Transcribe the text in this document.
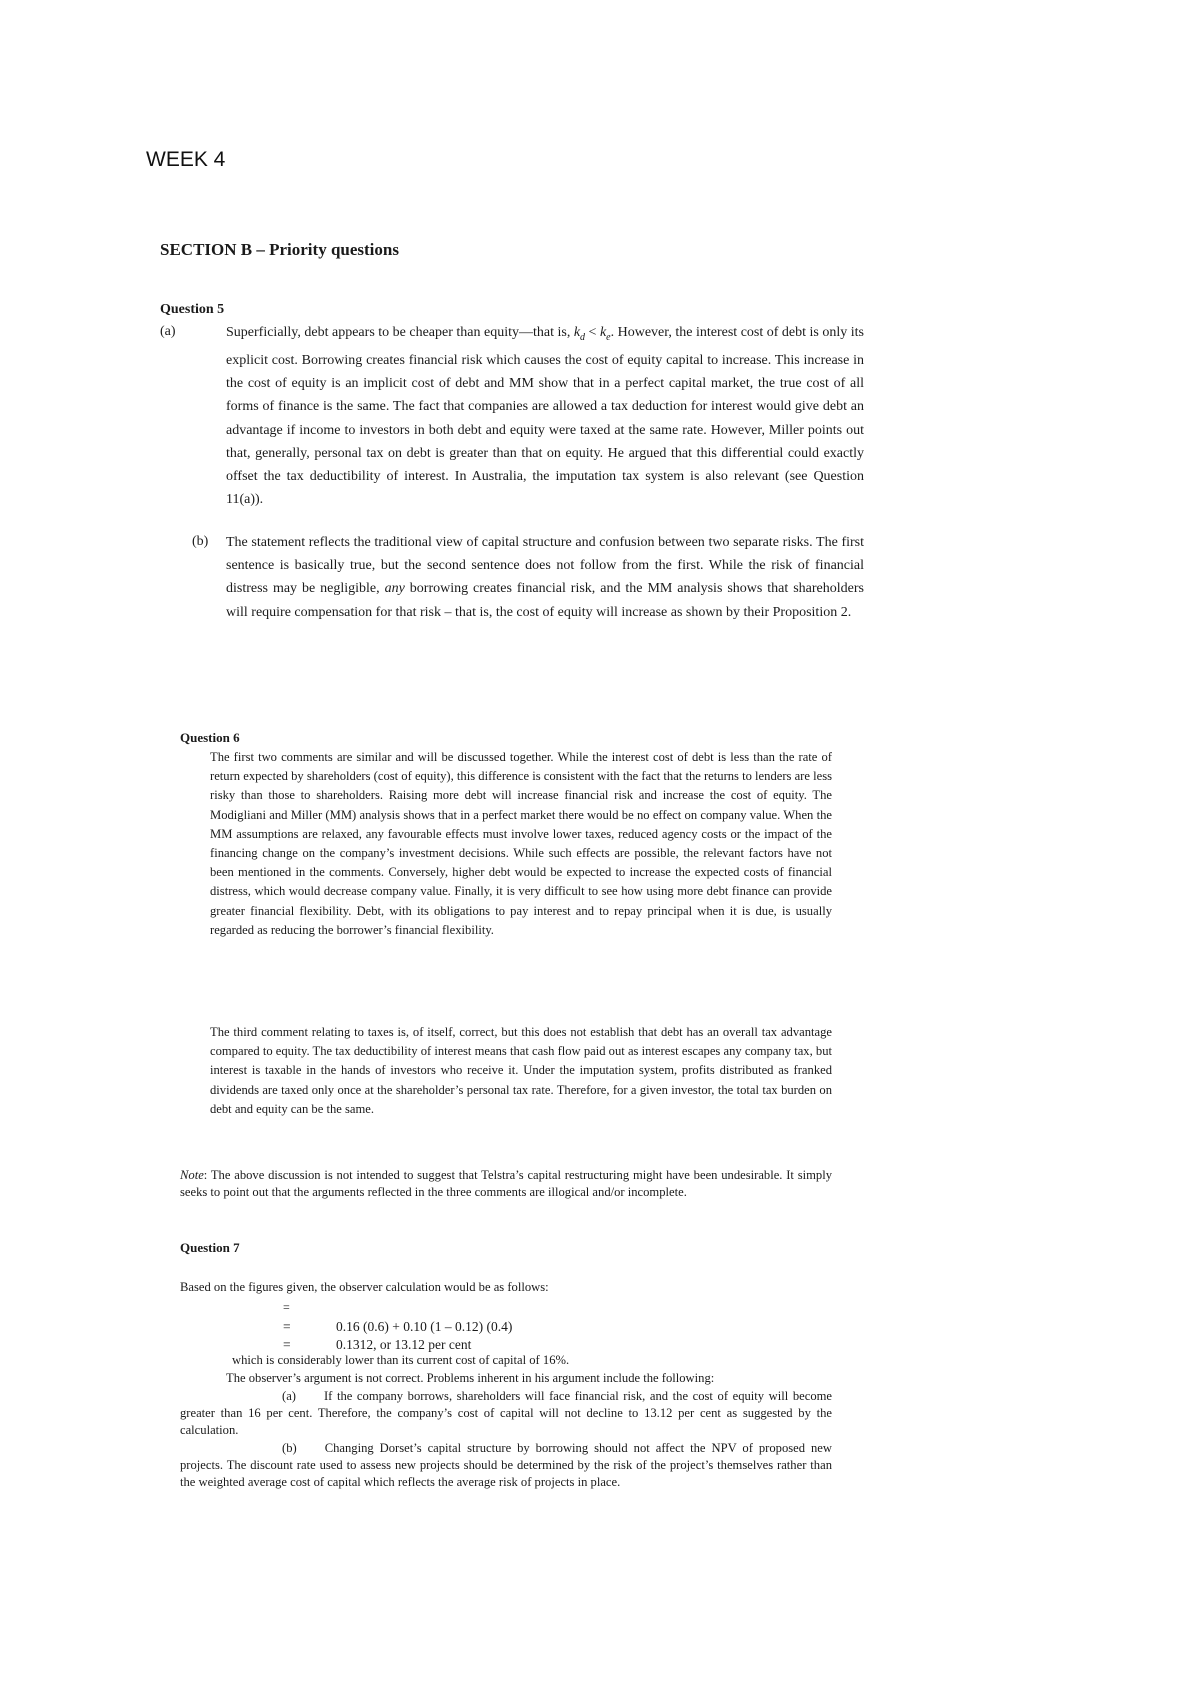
WEEK 4
SECTION B – Priority questions
Question 5
(a)	Superficially, debt appears to be cheaper than equity—that is, $k_d < k_e$. However, the interest cost of debt is only its explicit cost. Borrowing creates financial risk which causes the cost of equity capital to increase. This increase in the cost of equity is an implicit cost of debt and MM show that in a perfect capital market, the true cost of all forms of finance is the same. The fact that companies are allowed a tax deduction for interest would give debt an advantage if income to investors in both debt and equity were taxed at the same rate. However, Miller points out that, generally, personal tax on debt is greater than that on equity. He argued that this differential could exactly offset the tax deductibility of interest. In Australia, the imputation tax system is also relevant (see Question 11(a)).
(b) The statement reflects the traditional view of capital structure and confusion between two separate risks. The first sentence is basically true, but the second sentence does not follow from the first. While the risk of financial distress may be negligible, any borrowing creates financial risk, and the MM analysis shows that shareholders will require compensation for that risk – that is, the cost of equity will increase as shown by their Proposition 2.
Question 6
The first two comments are similar and will be discussed together. While the interest cost of debt is less than the rate of return expected by shareholders (cost of equity), this difference is consistent with the fact that the returns to lenders are less risky than those to shareholders. Raising more debt will increase financial risk and increase the cost of equity. The Modigliani and Miller (MM) analysis shows that in a perfect market there would be no effect on company value. When the MM assumptions are relaxed, any favourable effects must involve lower taxes, reduced agency costs or the impact of the financing change on the company’s investment decisions. While such effects are possible, the relevant factors have not been mentioned in the comments. Conversely, higher debt would be expected to increase the expected costs of financial distress, which would decrease company value. Finally, it is very difficult to see how using more debt finance can provide greater financial flexibility. Debt, with its obligations to pay interest and to repay principal when it is due, is usually regarded as reducing the borrower’s financial flexibility.
The third comment relating to taxes is, of itself, correct, but this does not establish that debt has an overall tax advantage compared to equity. The tax deductibility of interest means that cash flow paid out as interest escapes any company tax, but interest is taxable in the hands of investors who receive it. Under the imputation system, profits distributed as franked dividends are taxed only once at the shareholder’s personal tax rate. Therefore, for a given investor, the total tax burden on debt and equity can be the same.
Note: The above discussion is not intended to suggest that Telstra’s capital restructuring might have been undesirable. It simply seeks to point out that the arguments reflected in the three comments are illogical and/or incomplete.
Question 7
Based on the figures given, the observer calculation would be as follows:
=
=	0.16 (0.6) + 0.10 (1 – 0.12) (0.4)
=	0.1312, or 13.12 per cent
which is considerably lower than its current cost of capital of 16%.
The observer’s argument is not correct. Problems inherent in his argument include the following:
(a) If the company borrows, shareholders will face financial risk, and the cost of equity will become greater than 16 per cent. Therefore, the company’s cost of capital will not decline to 13.12 per cent as suggested by the calculation.
(b) Changing Dorset’s capital structure by borrowing should not affect the NPV of proposed new projects. The discount rate used to assess new projects should be determined by the risk of the project’s themselves rather than the weighted average cost of capital which reflects the average risk of projects in place.
